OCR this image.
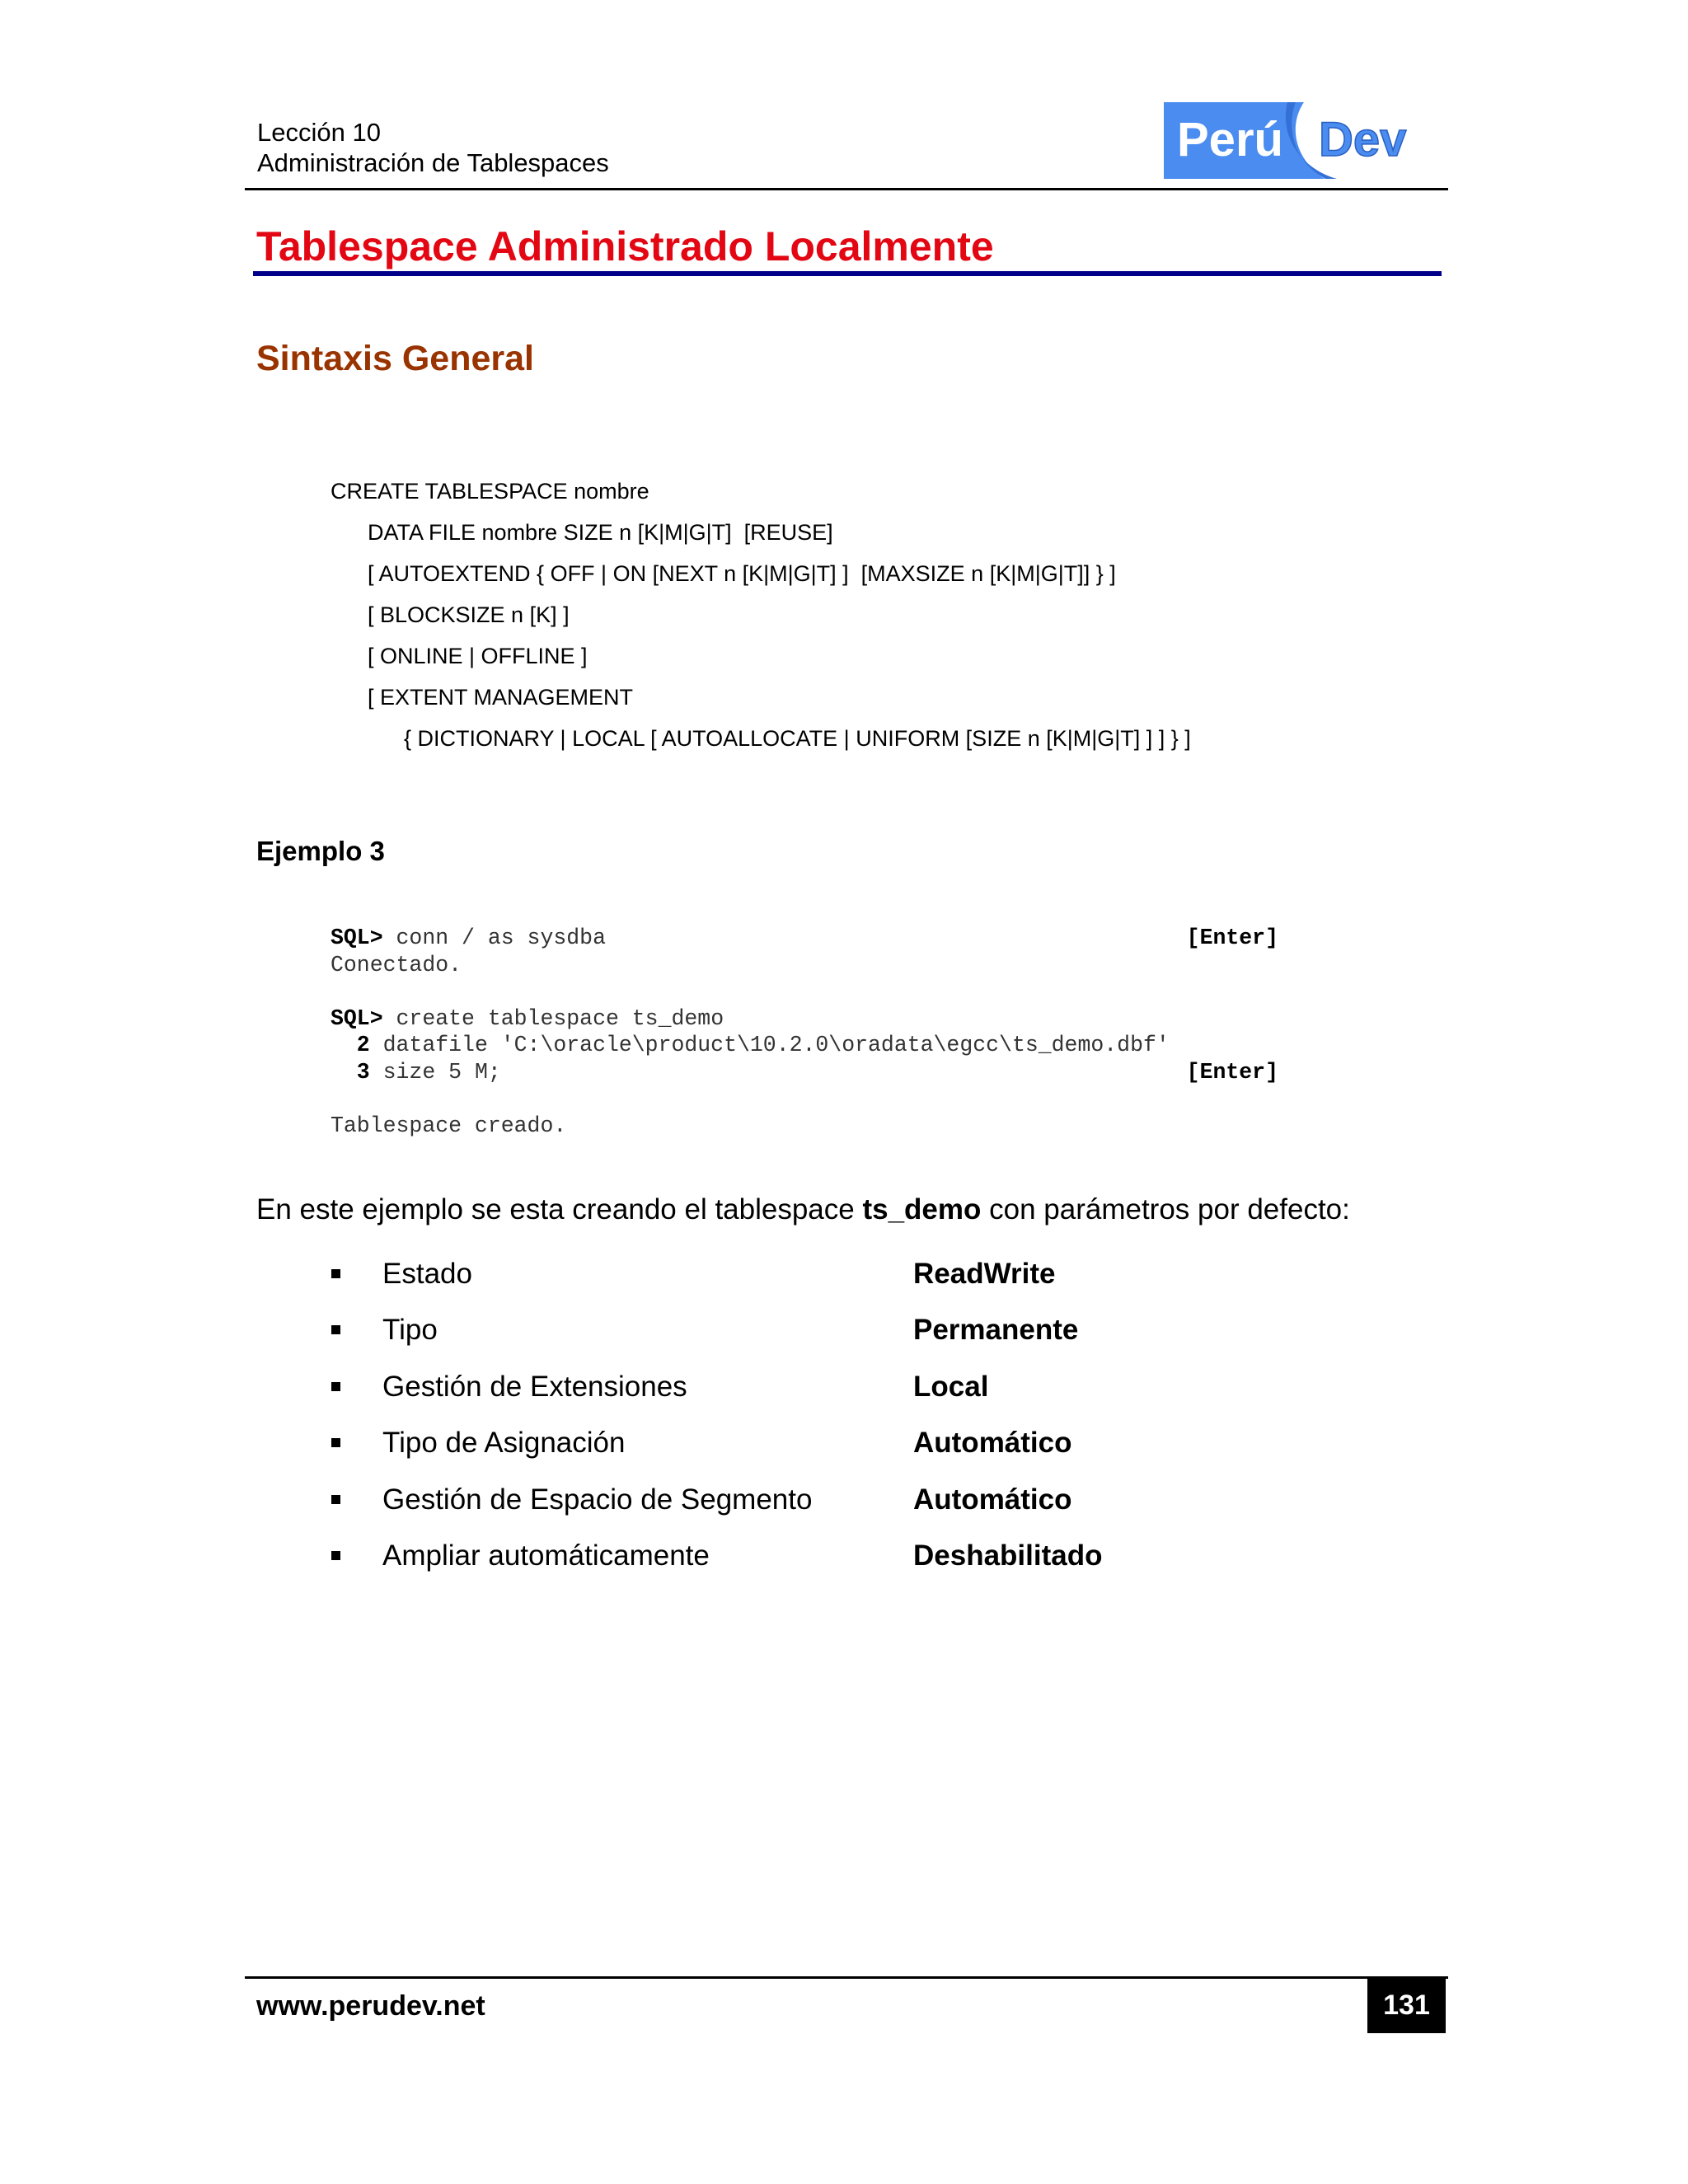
Lección 10
Administración de Tablespaces	Perú Dev
Tablespace Administrado Localmente
Sintaxis General
CREATE TABLESPACE nombre
DATA FILE nombre SIZE n [K|M|G|T]  [REUSE]
[ AUTOEXTEND { OFF | ON [NEXT n [K|M|G|T] ]  [MAXSIZE n [K|M|G|T]] } ]
[ BLOCKSIZE n [K] ]
[ ONLINE | OFFLINE ]
[ EXTENT MANAGEMENT
{ DICTIONARY | LOCAL [ AUTOALLOCATE | UNIFORM [SIZE n [K|M|G|T] ] ] } ]
Ejemplo 3
SQL> conn / as sysdba	[Enter]
Conectado.
SQL> create tablespace ts_demo
2 datafile 'C:\oracle\product\10.2.0\oradata\egcc\ts_demo.dbf'
3 size 5 M;	[Enter]
Tablespace creado.
En este ejemplo se esta creando el tablespace ts_demo con parámetros por defecto:
Estado	ReadWrite
Tipo	Permanente
Gestión de Extensiones	Local
Tipo de Asignación	Automático
Gestión de Espacio de Segmento	Automático
Ampliar automáticamente	Deshabilitado
www.perudev.net	131
